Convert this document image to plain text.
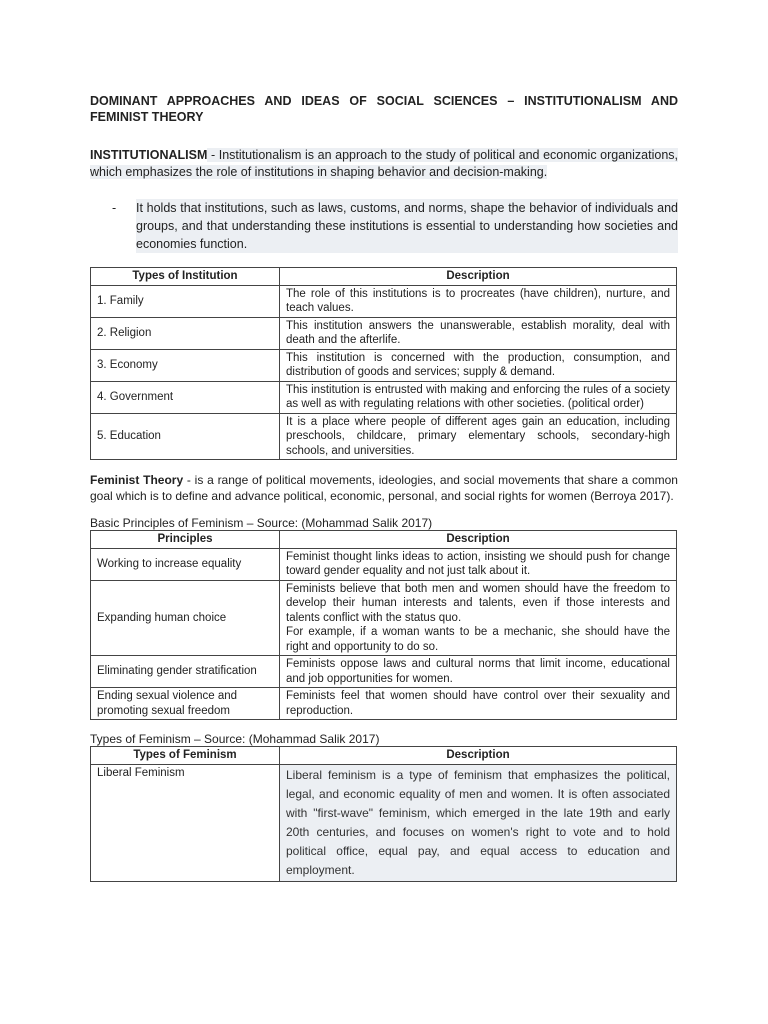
DOMINANT APPROACHES AND IDEAS OF SOCIAL SCIENCES – INSTITUTIONALISM AND FEMINIST THEORY

INSTITUTIONALISM - Institutionalism is an approach to the study of political and economic organizations, which emphasizes the role of institutions in shaping behavior and decision-making.

-	It holds that institutions, such as laws, customs, and norms, shape the behavior of individuals and groups, and that understanding these institutions is essential to understanding how societies and economies function.
Types of Institution	Description
1. Family	The role of this institutions is to procreates (have children), nurture, and teach values.
2. Religion	This institution answers the unanswerable, establish morality, deal with death and the afterlife.
3. Economy	This institution is concerned with the production, consumption, and distribution of goods and services; supply & demand.
4. Government	This institution is entrusted with making and enforcing the rules of a society as well as with regulating relations with other societies. (political order)
5. Education	It is a place where people of different ages gain an education, including preschools, childcare, primary elementary schools, secondary-high schools, and universities.

Feminist Theory - is a range of political movements, ideologies, and social movements that share a common goal which is to define and advance political, economic, personal, and social rights for women (Berroya 2017).

Basic Principles of Feminism – Source: (Mohammad Salik 2017)
Principles	Description
Working to increase equality	Feminist thought links ideas to action, insisting we should push for change toward gender equality and not just talk about it.
Expanding human choice	Feminists believe that both men and women should have the freedom to develop their human interests and talents, even if those interests and talents conflict with the status quo.
For example, if a woman wants to be a mechanic, she should have the right and opportunity to do so.

Eliminating gender stratification	Feminists oppose laws and cultural norms that limit income, educational and job opportunities for women.
Ending sexual violence and promoting sexual freedom	Feminists feel that women should have control over their sexuality and reproduction.
Types of Feminism – Source: (Mohammad Salik 2017)
Types of Feminism	Description
Liberal Feminism	Liberal feminism is a type of feminism that emphasizes the political, legal, and economic equality of men and women. It is often associated with "first-wave" feminism, which emerged in the late 19th and early 20th centuries, and focuses on women's right to vote and to hold political office, equal pay, and equal access to education and employment.
